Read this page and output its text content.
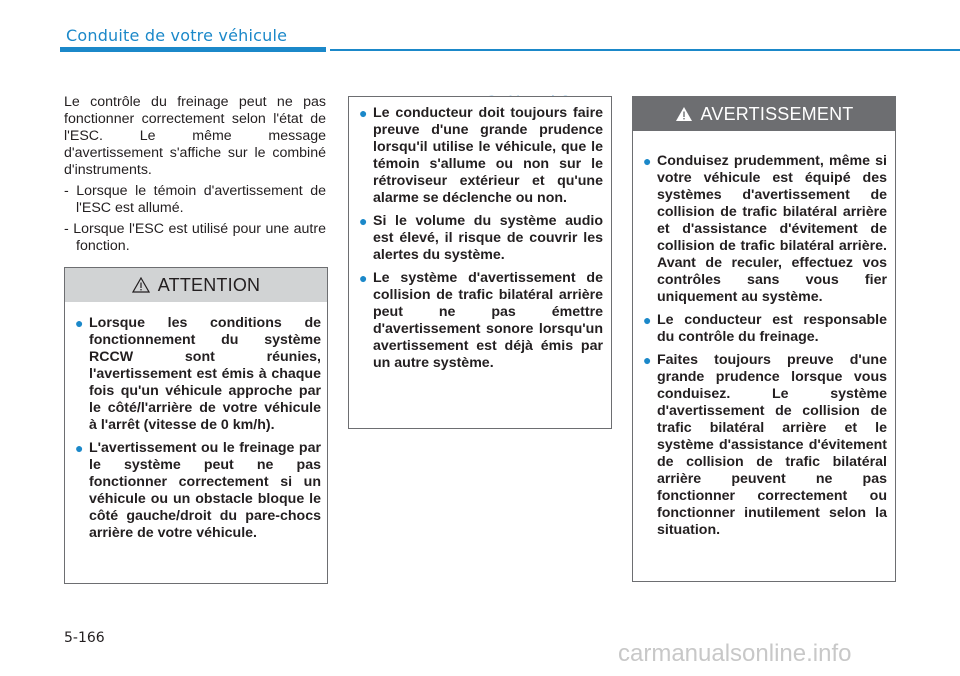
Conduite de votre véhicule

Le contrôle du freinage peut ne pas fonctionner correctement selon l'état de l'ESC. Le même message d'avertissement s'affiche sur le combiné d'instruments.

- Lorsque le témoin d'avertissement de l'ESC est allumé.
- Lorsque l'ESC est utilisé pour une autre fonction.
ATTENTION
● Lorsque les conditions de fonctionnement du système RCCW sont réunies, l'avertissement est émis à chaque fois qu'un véhicule approche par le côté/l'arrière de votre véhicule à l'arrêt (vitesse de 0 km/h).
● L'avertissement ou le freinage par le système peut ne pas fonctionner correctement si un véhicule ou un obstacle bloque le côté gauche/droit du pare-chocs arrière de votre véhicule.
● Le conducteur doit toujours faire preuve d'une grande prudence lorsqu'il utilise le véhicule, que le témoin s'allume ou non sur le rétroviseur extérieur et qu'une alarme se déclenche ou non.
● Si le volume du système audio est élevé, il risque de couvrir les alertes du système.
● Le système d'avertissement de collision de trafic bilatéral arrière peut ne pas émettre d'avertissement sonore lorsqu'un avertissement est déjà émis par un autre système.
AVERTISSEMENT
● Conduisez prudemment, même si votre véhicule est équipé des systèmes d'avertissement de collision de trafic bilatéral arrière et d'assistance d'évitement de collision de trafic bilatéral arrière. Avant de reculer, effectuez vos contrôles sans vous fier uniquement au système.
● Le conducteur est responsable du contrôle du freinage.
● Faites toujours preuve d'une grande prudence lorsque vous conduisez. Le système d'avertissement de collision de trafic bilatéral arrière et le système d'assistance d'évitement de collision de trafic bilatéral arrière peuvent ne pas fonctionner correctement ou fonctionner inutilement selon la situation.
5-166
carmanualsonline.info
